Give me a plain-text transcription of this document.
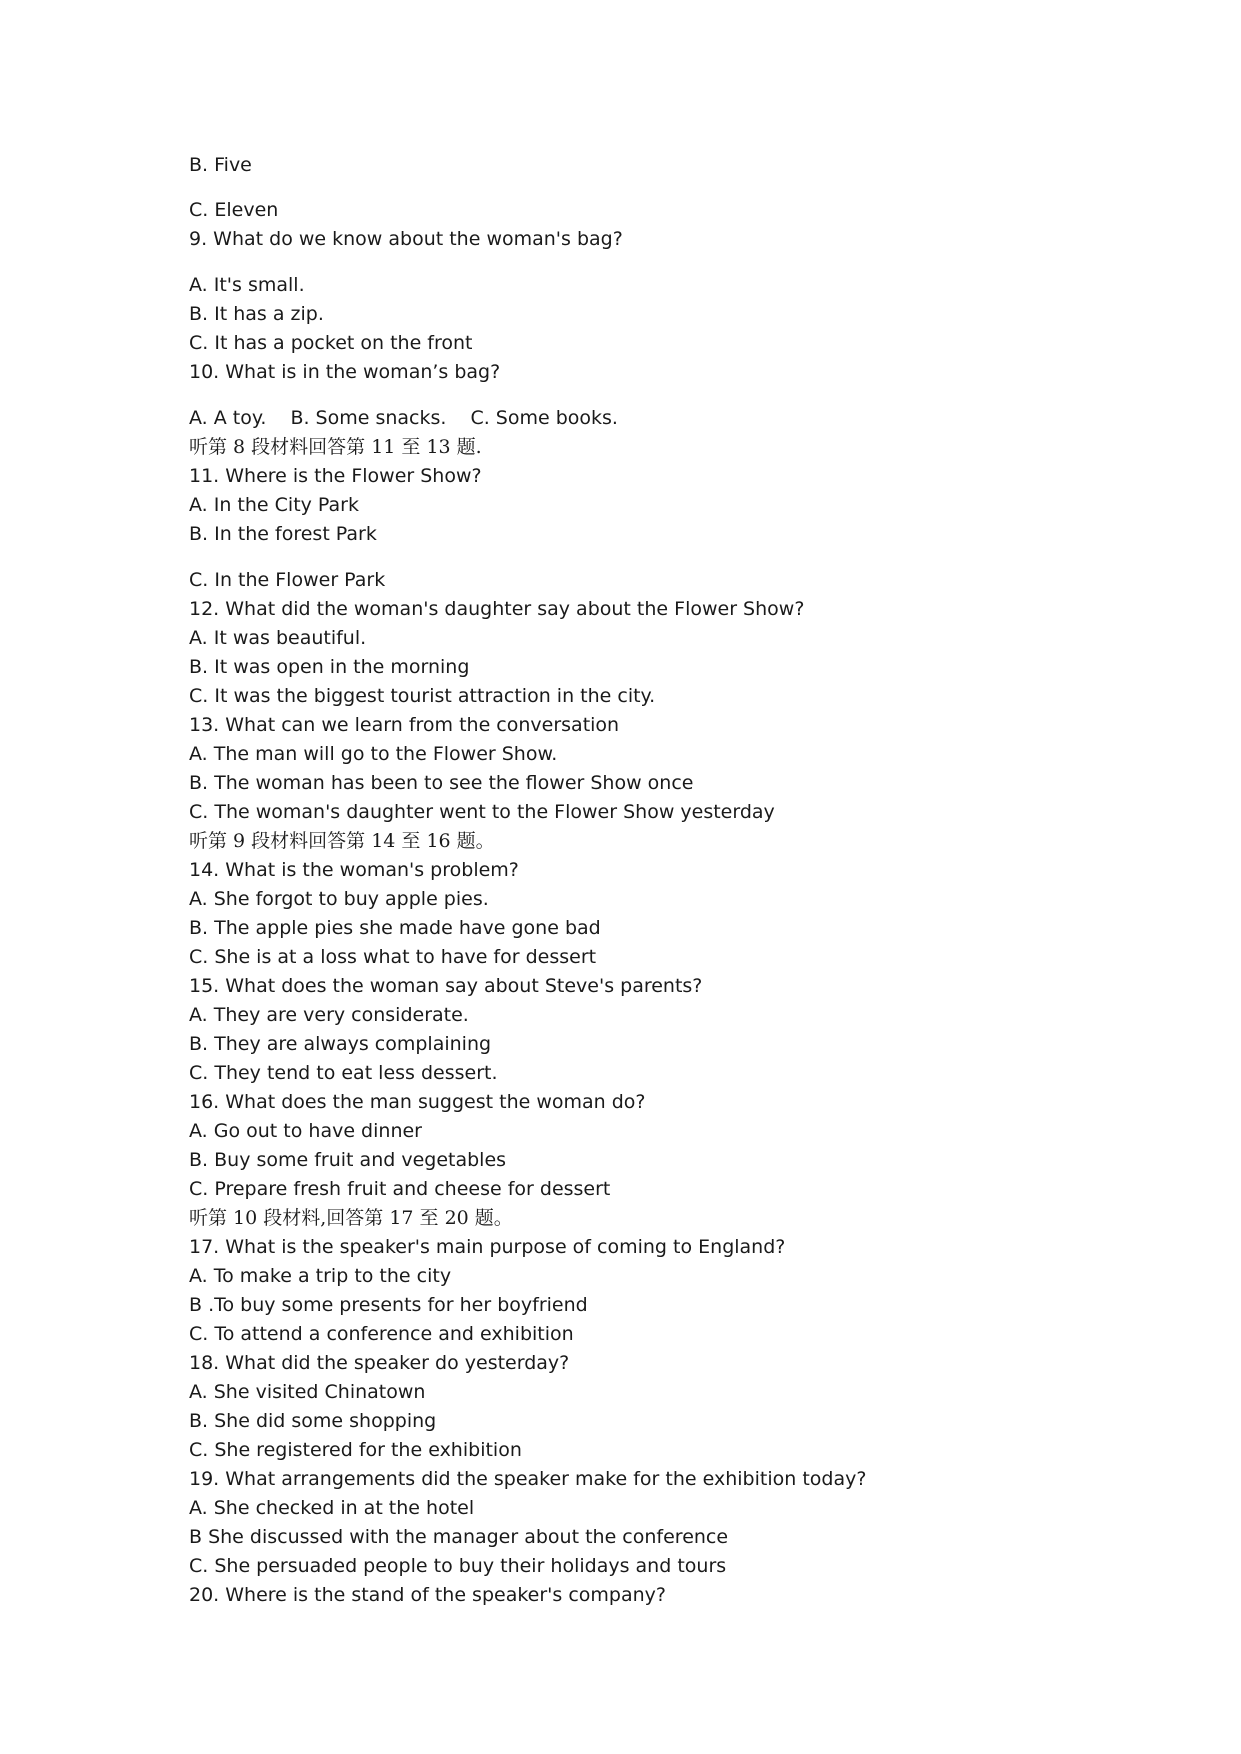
B. Five
C. Eleven
9. What do we know about the woman's bag?
A. It's small.
B. It has a zip.
C. It has a pocket on the front
10. What is in the woman’s bag?
A. A toy. B. Some snacks. C. Some books.
听第 8 段材料回答第 11 至 13 题.
11. Where is the Flower Show?
A. In the City Park
B. In the forest Park
C. In the Flower Park
12. What did the woman's daughter say about the Flower Show?
A. It was beautiful.
B. It was open in the morning
C. It was the biggest tourist attraction in the city.
13. What can we learn from the conversation
A. The man will go to the Flower Show.
B. The woman has been to see the flower Show once
C. The woman's daughter went to the Flower Show yesterday
听第 9 段材料回答第 14 至 16 题。
14. What is the woman's problem?
A. She forgot to buy apple pies.
B. The apple pies she made have gone bad
C. She is at a loss what to have for dessert
15. What does the woman say about Steve's parents?
A. They are very considerate.
B. They are always complaining
C. They tend to eat less dessert.
16. What does the man suggest the woman do?
A. Go out to have dinner
B. Buy some fruit and vegetables
C. Prepare fresh fruit and cheese for dessert
听第 10 段材料,回答第 17 至 20 题。
17. What is the speaker's main purpose of coming to England?
A. To make a trip to the city
B .To buy some presents for her boyfriend
C. To attend a conference and exhibition
18. What did the speaker do yesterday?
A. She visited Chinatown
B. She did some shopping
C. She registered for the exhibition
19. What arrangements did the speaker make for the exhibition today?
A. She checked in at the hotel
B She discussed with the manager about the conference
C. She persuaded people to buy their holidays and tours
20. Where is the stand of the speaker's company?
